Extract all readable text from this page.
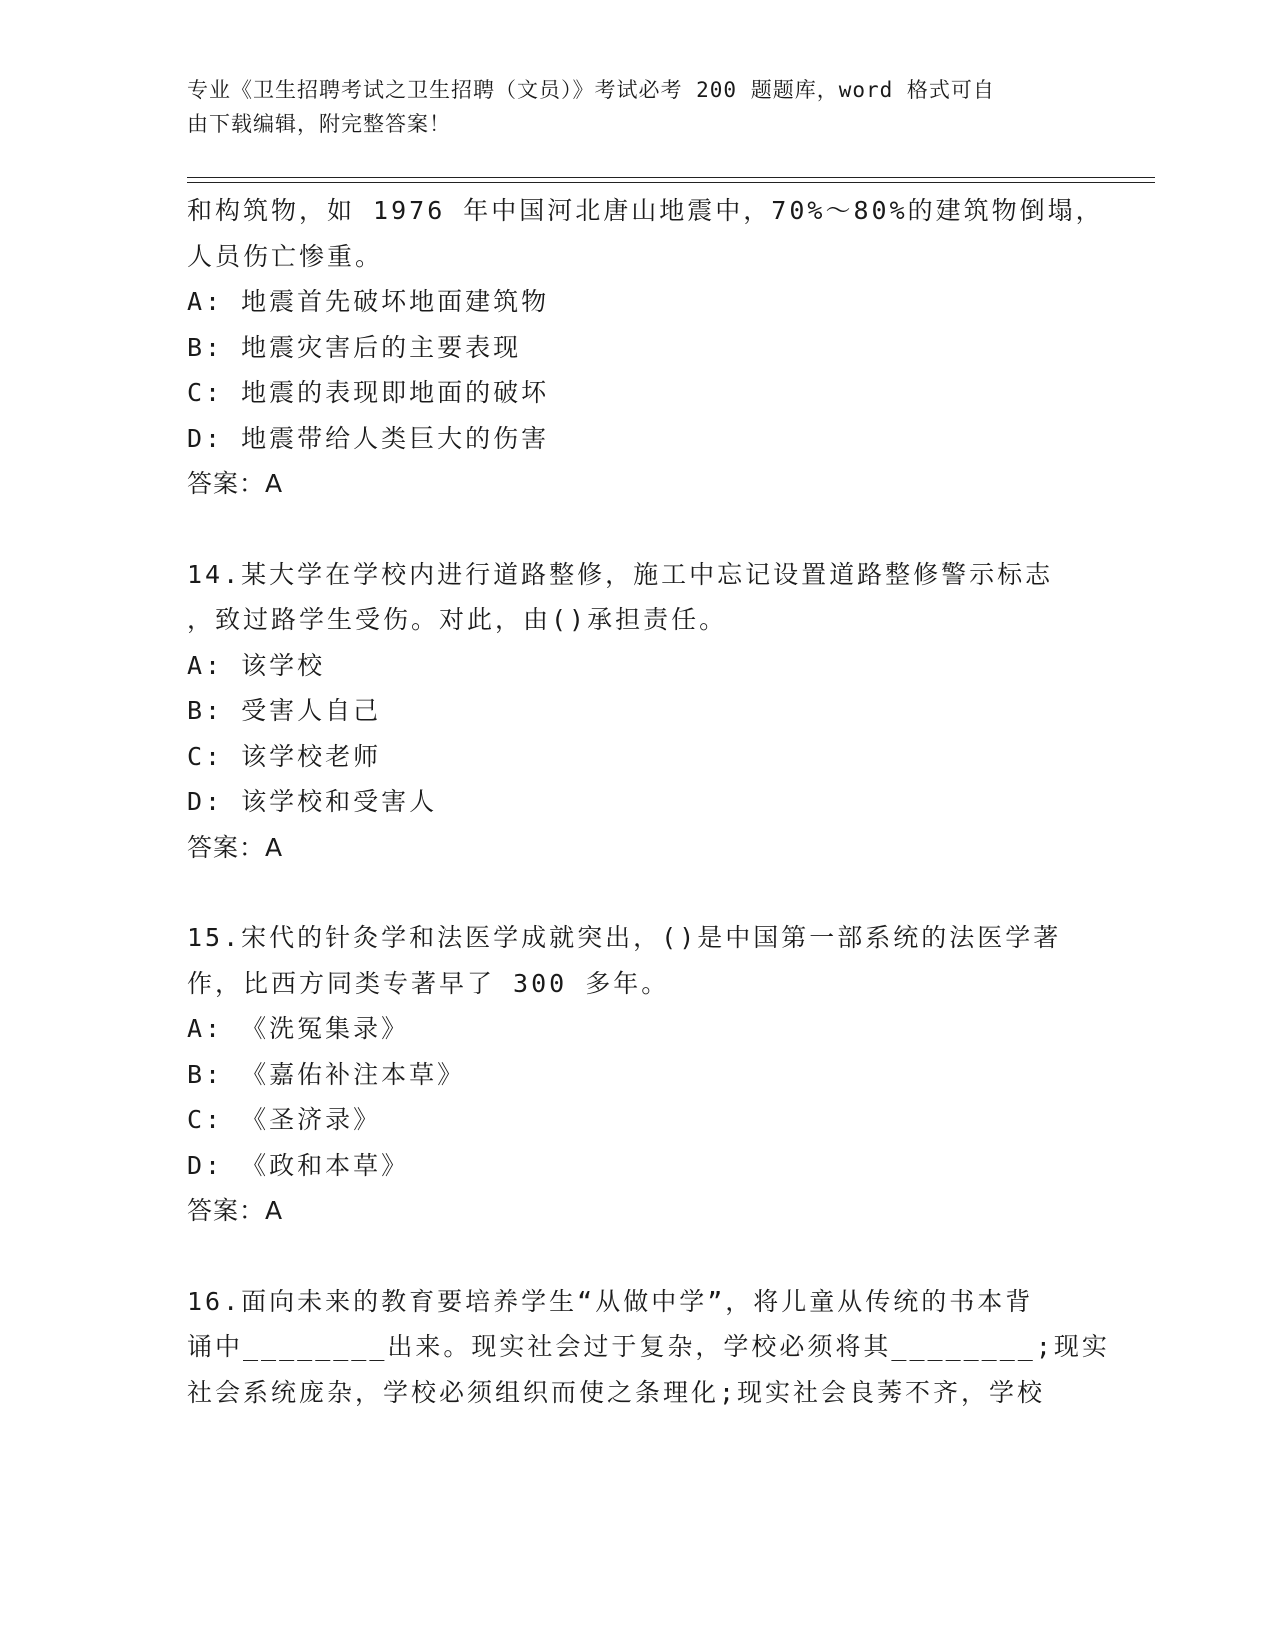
专业《卫生招聘考试之卫生招聘（文员）》考试必考 200 题题库，word 格式可自
由下载编辑，附完整答案！
和构筑物，如 1976 年中国河北唐山地震中，70%～80%的建筑物倒塌，
人员伤亡惨重。
A: 地震首先破坏地面建筑物
B: 地震灾害后的主要表现
C: 地震的表现即地面的破坏
D: 地震带给人类巨大的伤害
答案：A
14.某大学在学校内进行道路整修，施工中忘记设置道路整修警示标志
，致过路学生受伤。对此，由()承担责任。
A: 该学校
B: 受害人自己
C: 该学校老师
D: 该学校和受害人
答案：A
15.宋代的针灸学和法医学成就突出，()是中国第一部系统的法医学著
作，比西方同类专著早了 300 多年。
A: 《洗冤集录》
B: 《嘉佑补注本草》
C: 《圣济录》
D: 《政和本草》
答案：A
16.面向未来的教育要培养学生“从做中学”，将儿童从传统的书本背
诵中________出来。现实社会过于复杂，学校必须将其________;现实
社会系统庞杂，学校必须组织而使之条理化;现实社会良莠不齐，学校
